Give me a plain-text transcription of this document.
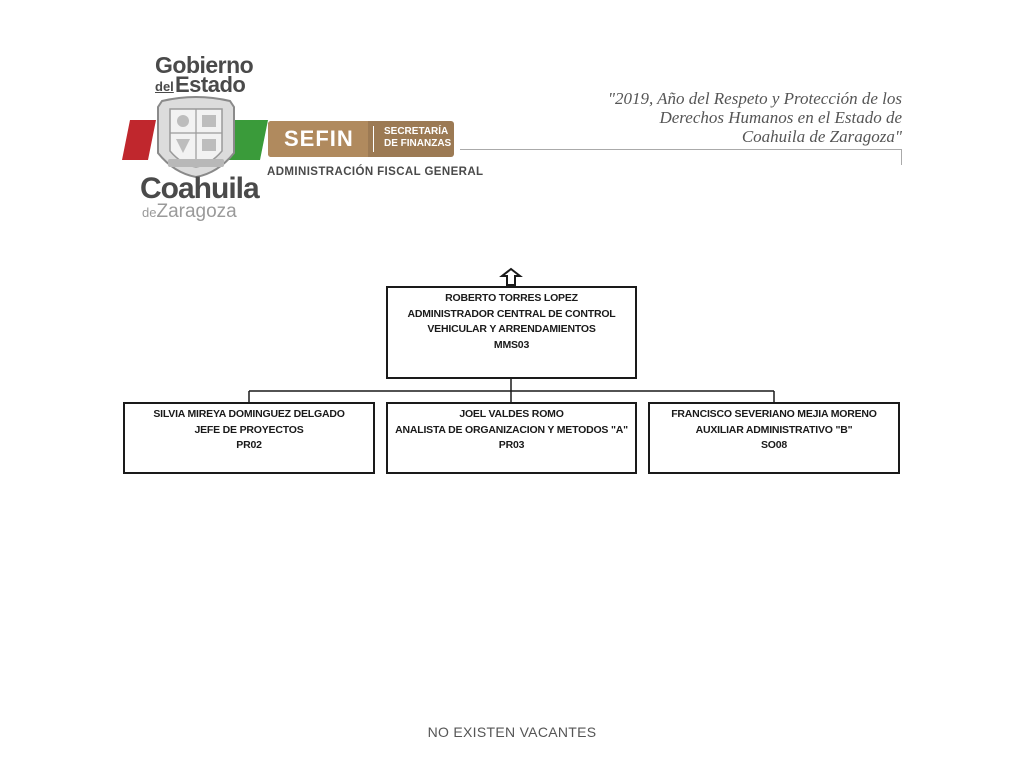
Gobierno
del Estado
Coahuila
deZaragoza
SEFIN	SECRETARÍA
DE FINANZAS
ADMINISTRACIÓN FISCAL GENERAL
"2019, Año del Respeto y Protección de los
Derechos Humanos en el Estado de
Coahuila de Zaragoza"
ROBERTO TORRES LOPEZ
ADMINISTRADOR CENTRAL DE CONTROL
VEHICULAR Y ARRENDAMIENTOS
MMS03
SILVIA MIREYA DOMINGUEZ DELGADO
JEFE DE PROYECTOS
PR02
JOEL VALDES ROMO
ANALISTA DE ORGANIZACION Y METODOS "A"
PR03
FRANCISCO SEVERIANO MEJIA MORENO
AUXILIAR ADMINISTRATIVO "B"
SO08
NO EXISTEN VACANTES
